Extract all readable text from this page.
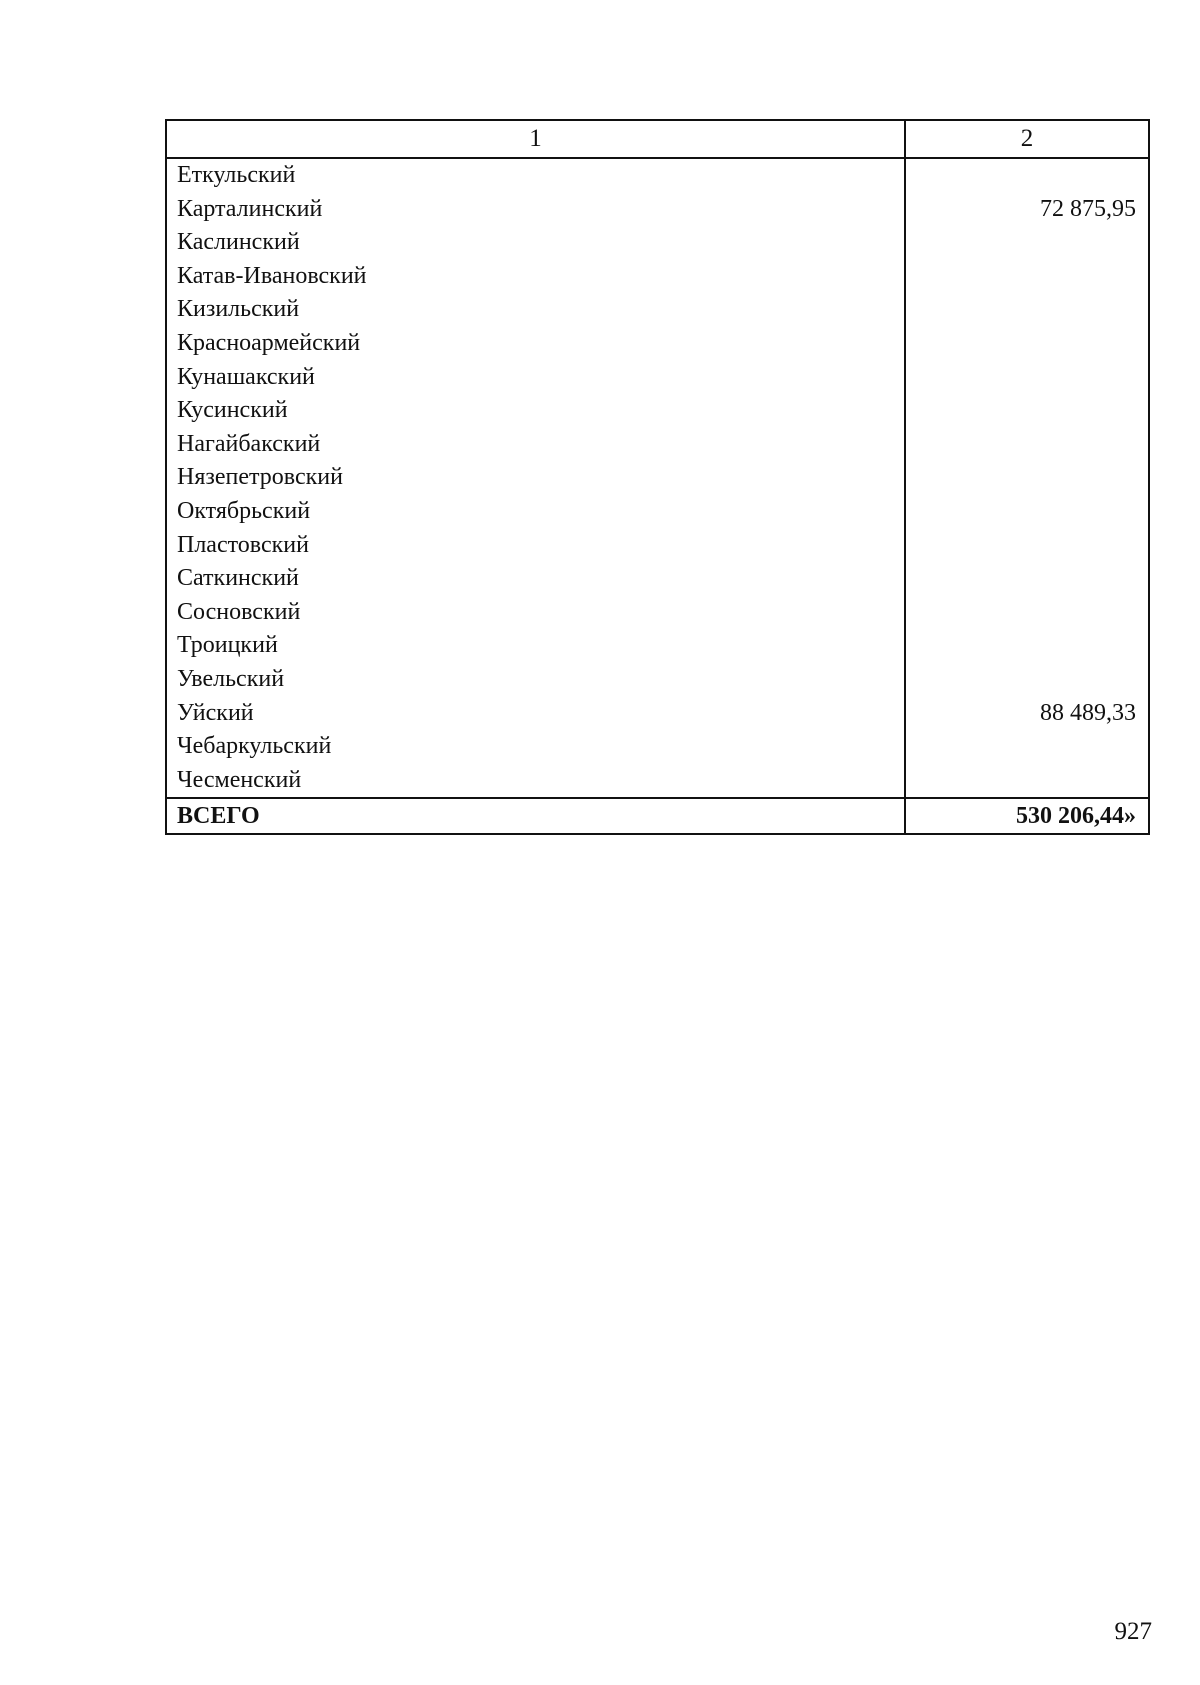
1	2
Еткульский	
Карталинский	72 875,95
Каслинский	
Катав-Ивановский	
Кизильский	
Красноармейский	
Кунашакский	
Кусинский	
Нагайбакский	
Нязепетровский	
Октябрьский	
Пластовский	
Саткинский	
Сосновский	
Троицкий	
Увельский	
Уйский	88 489,33
Чебаркульский	
Чесменский	
ВСЕГО	530 206,44»
927
